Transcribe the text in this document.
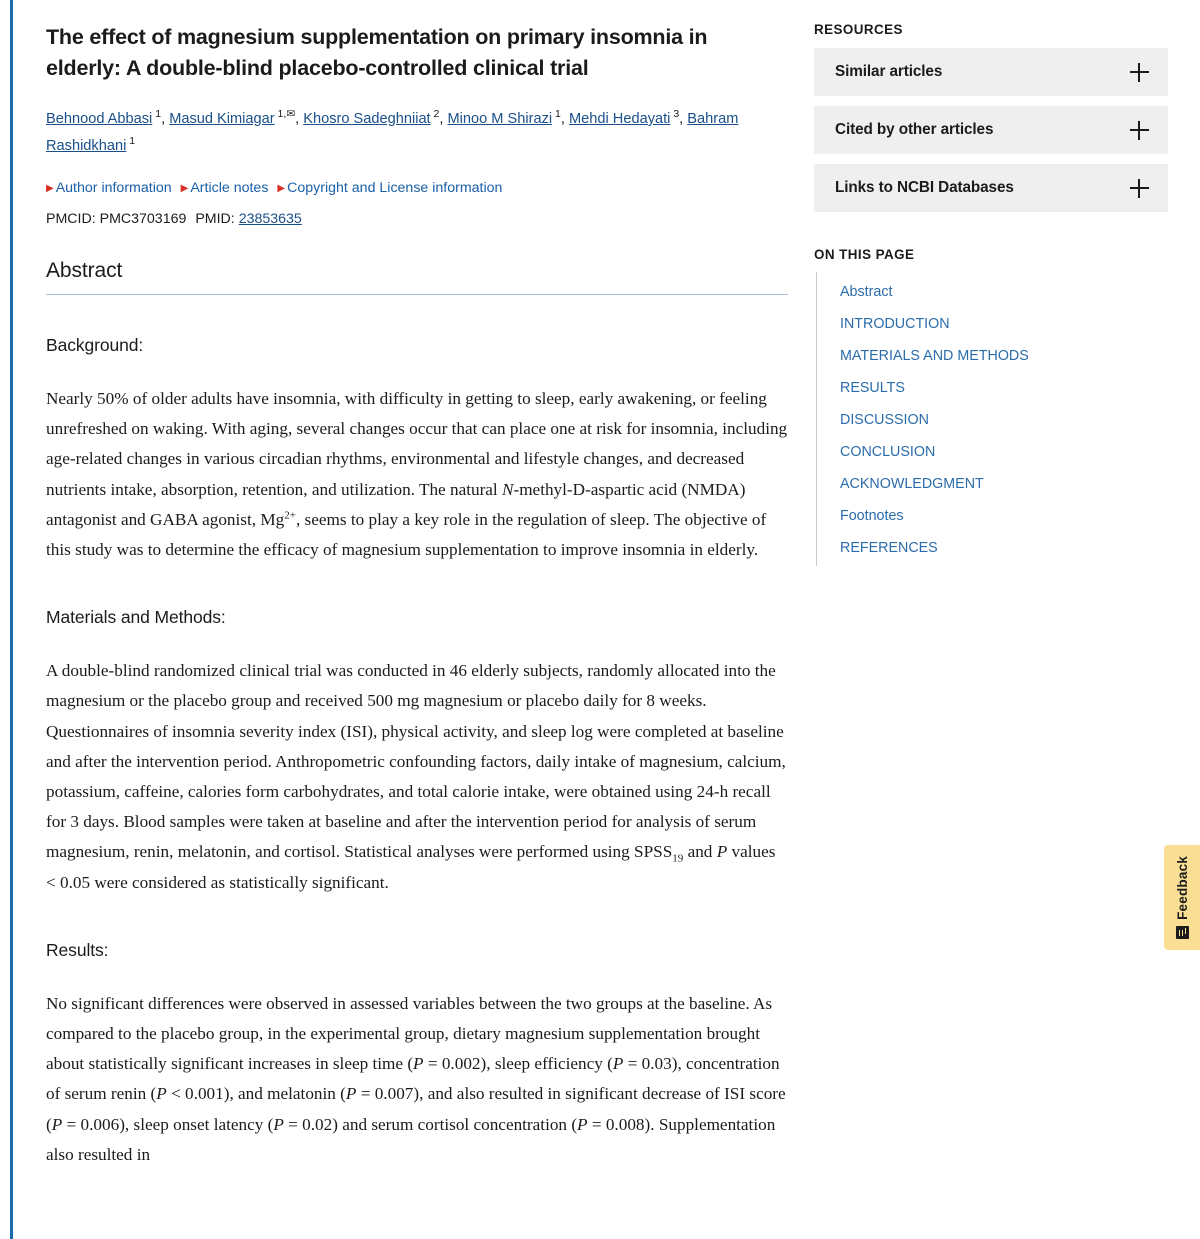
The effect of magnesium supplementation on primary insomnia in elderly: A double-blind placebo-controlled clinical trial
Behnood Abbasi $^1$, Masud Kimiagar $^{1,✉}$, Khosro Sadeghniiat $^2$, Minoo M Shirazi $^1$, Mehdi Hedayati $^3$, Bahram Rashidkhani $^1$
▶ Author information ▶ Article notes ▶ Copyright and License information
PMCID: PMC3703169 PMID: 23853635
Abstract
Background:

Nearly 50% of older adults have insomnia, with difficulty in getting to sleep, early awakening, or feeling unrefreshed on waking. With aging, several changes occur that can place one at risk for insomnia, including age-related changes in various circadian rhythms, environmental and lifestyle changes, and decreased nutrients intake, absorption, retention, and utilization. The natural N-methyl-D-aspartic acid (NMDA) antagonist and GABA agonist, $Mg^{2+}$, seems to play a key role in the regulation of sleep. The objective of this study was to determine the efficacy of magnesium supplementation to improve insomnia in elderly.

Materials and Methods:

A double-blind randomized clinical trial was conducted in 46 elderly subjects, randomly allocated into the magnesium or the placebo group and received 500 mg magnesium or placebo daily for 8 weeks. Questionnaires of insomnia severity index (ISI), physical activity, and sleep log were completed at baseline and after the intervention period. Anthropometric confounding factors, daily intake of magnesium, calcium, potassium, caffeine, calories form carbohydrates, and total calorie intake, were obtained using 24-h recall for 3 days. Blood samples were taken at baseline and after the intervention period for analysis of serum magnesium, renin, melatonin, and cortisol. Statistical analyses were performed using $SPSS_{19}$ and P values < 0.05 were considered as statistically significant.

Results:

No significant differences were observed in assessed variables between the two groups at the baseline. As compared to the placebo group, in the experimental group, dietary magnesium supplementation brought about statistically significant increases in sleep time (P = 0.002), sleep efficiency (P = 0.03), concentration of serum renin (P < 0.001), and melatonin (P = 0.007), and also resulted in significant decrease of ISI score (P = 0.006), sleep onset latency (P = 0.02) and serum cortisol concentration (P = 0.008). Supplementation also resulted in

RESOURCES
Similar articles
Cited by other articles
Links to NCBI Databases
ON THIS PAGE
Abstract
INTRODUCTION
MATERIALS AND METHODS
RESULTS
DISCUSSION
CONCLUSION
ACKNOWLEDGMENT
Footnotes
REFERENCES
Feedback
